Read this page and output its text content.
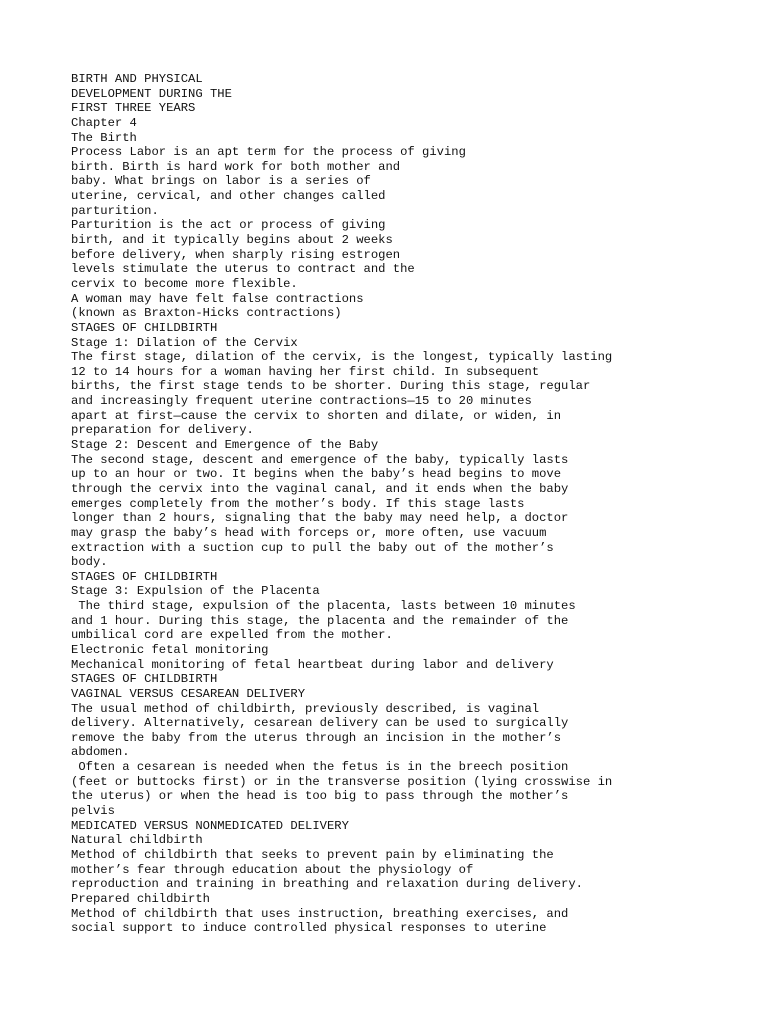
BIRTH AND PHYSICAL
DEVELOPMENT DURING THE
FIRST THREE YEARS
Chapter 4
The Birth
Process Labor is an apt term for the process of giving
birth. Birth is hard work for both mother and
baby. What brings on labor is a series of
uterine, cervical, and other changes called
parturition.
Parturition is the act or process of giving
birth, and it typically begins about 2 weeks
before delivery, when sharply rising estrogen
levels stimulate the uterus to contract and the
cervix to become more flexible.
A woman may have felt false contractions
(known as Braxton-Hicks contractions)
STAGES OF CHILDBIRTH
Stage 1: Dilation of the Cervix
The first stage, dilation of the cervix, is the longest, typically lasting
12 to 14 hours for a woman having her first child. In subsequent
births, the first stage tends to be shorter. During this stage, regular
and increasingly frequent uterine contractions—15 to 20 minutes
apart at first—cause the cervix to shorten and dilate, or widen, in
preparation for delivery.
Stage 2: Descent and Emergence of the Baby
The second stage, descent and emergence of the baby, typically lasts
up to an hour or two. It begins when the baby’s head begins to move
through the cervix into the vaginal canal, and it ends when the baby
emerges completely from the mother’s body. If this stage lasts
longer than 2 hours, signaling that the baby may need help, a doctor
may grasp the baby’s head with forceps or, more often, use vacuum
extraction with a suction cup to pull the baby out of the mother’s
body.
STAGES OF CHILDBIRTH
Stage 3: Expulsion of the Placenta
The third stage, expulsion of the placenta, lasts between 10 minutes
and 1 hour. During this stage, the placenta and the remainder of the
umbilical cord are expelled from the mother.
Electronic fetal monitoring
Mechanical monitoring of fetal heartbeat during labor and delivery
STAGES OF CHILDBIRTH
VAGINAL VERSUS CESAREAN DELIVERY
The usual method of childbirth, previously described, is vaginal
delivery. Alternatively, cesarean delivery can be used to surgically
remove the baby from the uterus through an incision in the mother’s
abdomen.
Often a cesarean is needed when the fetus is in the breech position
(feet or buttocks first) or in the transverse position (lying crosswise in
the uterus) or when the head is too big to pass through the mother’s
pelvis
MEDICATED VERSUS NONMEDICATED DELIVERY
Natural childbirth
Method of childbirth that seeks to prevent pain by eliminating the
mother’s fear through education about the physiology of
reproduction and training in breathing and relaxation during delivery.
Prepared childbirth
Method of childbirth that uses instruction, breathing exercises, and
social support to induce controlled physical responses to uterine
